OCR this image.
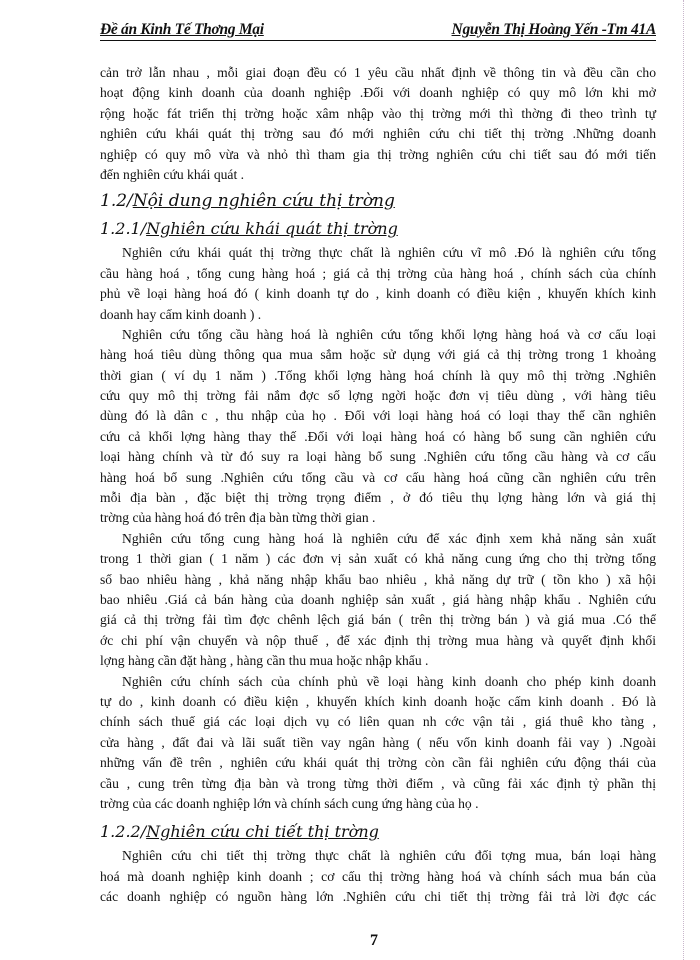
Đề án Kinh Tế Thơng Mại	Nguyễn Thị Hoàng Yến -Tm 41A
cản trở lẫn nhau , mỗi giai đoạn đều có 1 yêu cầu nhất định về thông tin và đều cần cho
hoạt động kinh doanh của doanh nghiệp .Đối với doanh nghiệp có quy mô lớn khi mở
rộng hoặc fát triển thị trờng hoặc xâm nhập vào thị trờng mới thì thờng đi theo trình tự
nghiên cứu khái quát thị trờng sau đó mới nghiên cứu chi tiết thị trờng .Những doanh
nghiệp có quy mô vừa và nhỏ thì tham gia thị trờng nghiên cứu chi tiết sau đó mới tiến
đến nghiên cứu khái quát .
1.2/Nội dung nghiên cứu thị trờng
1.2.1/Nghiên cứu khái quát thị trờng
Nghiên cứu khái quát thị trờng thực chất là nghiên cứu vĩ mô .Đó là nghiên cứu tổng
cầu hàng hoá , tổng cung hàng hoá ; giá cả thị trờng của hàng hoá , chính sách của chính
phủ về loại hàng hoá đó ( kinh doanh tự do , kinh doanh có điều kiện , khuyến khích kinh
doanh hay cấm kinh doanh ) .
Nghiên cứu tổng cầu hàng hoá là nghiên cứu tổng khối lợng hàng hoá và cơ cấu loại
hàng hoá tiêu dùng thông qua mua sắm hoặc sử dụng với giá cả thị trờng trong 1 khoảng
thời gian ( ví dụ 1 năm ) .Tổng khối lợng hàng hoá chính là quy mô thị trờng .Nghiên
cứu quy mô thị trờng fải nắm đợc số lợng ngời hoặc đơn vị tiêu dùng , với hàng tiêu
dùng đó là dân c , thu nhập của họ . Đối với loại hàng hoá có loại thay thế cần nghiên
cứu cả khối lợng hàng thay thế .Đối với loại hàng hoá có hàng bổ sung cần nghiên cứu
loại hàng chính và từ đó suy ra loại hàng bổ sung .Nghiên cứu tổng cầu hàng và cơ cấu
hàng hoá bổ sung .Nghiên cứu tổng cầu và cơ cấu hàng hoá cũng cần nghiên cứu trên
mỗi địa bàn , đặc biệt thị trờng trọng điểm , ở đó tiêu thụ lợng hàng lớn và giá thị
trờng của hàng hoá đó trên địa bàn từng thời gian .
Nghiên cứu tổng cung hàng hoá là nghiên cứu để xác định xem khả năng sản xuất
trong 1 thời gian ( 1 năm ) các đơn vị sản xuất có khả năng cung ứng cho thị trờng tổng
số bao nhiêu hàng , khả năng nhập khẩu bao nhiêu , khả năng dự trữ ( tồn kho ) xã hội
bao nhiêu .Giá cả bán hàng của doanh nghiệp sản xuất , giá hàng nhập khẩu . Nghiên cứu
giá cả thị trờng fải tìm đợc chênh lệch giá bán ( trên thị trờng bán ) và giá mua .Có thể
ớc chi phí vận chuyển và nộp thuế , để xác định thị trờng mua hàng và quyết định khối
lợng hàng cần đặt hàng , hàng cần thu mua hoặc nhập khẩu .
Nghiên cứu chính sách của chính phủ về loại hàng kinh doanh cho phép kinh doanh
tự do , kinh doanh có điều kiện , khuyến khích kinh doanh hoặc cấm kinh doanh . Đó là
chính sách thuế giá các loại dịch vụ có liên quan nh cớc vận tải , giá thuê kho tàng ,
cửa hàng , đất đai và lãi suất tiền vay ngân hàng ( nếu vốn kinh doanh fải vay ) .Ngoài
những vấn đề trên , nghiên cứu khái quát thị trờng còn cần fải nghiên cứu động thái của
cầu , cung trên từng địa bàn và trong từng thời điểm , và cũng fải xác định tỷ phần thị
trờng của các doanh nghiệp lớn và chính sách cung ứng hàng của họ .
1.2.2/Nghiên cứu chi tiết thị trờng
Nghiên cứu chi tiết thị trờng thực chất là nghiên cứu đối tợng mua, bán loại hàng
hoá mà doanh nghiệp kinh doanh ; cơ cấu thị trờng hàng hoá và chính sách mua bán của
các doanh nghiệp có nguồn hàng lớn .Nghiên cứu chi tiết thị trờng fải trả lời đợc các
7
